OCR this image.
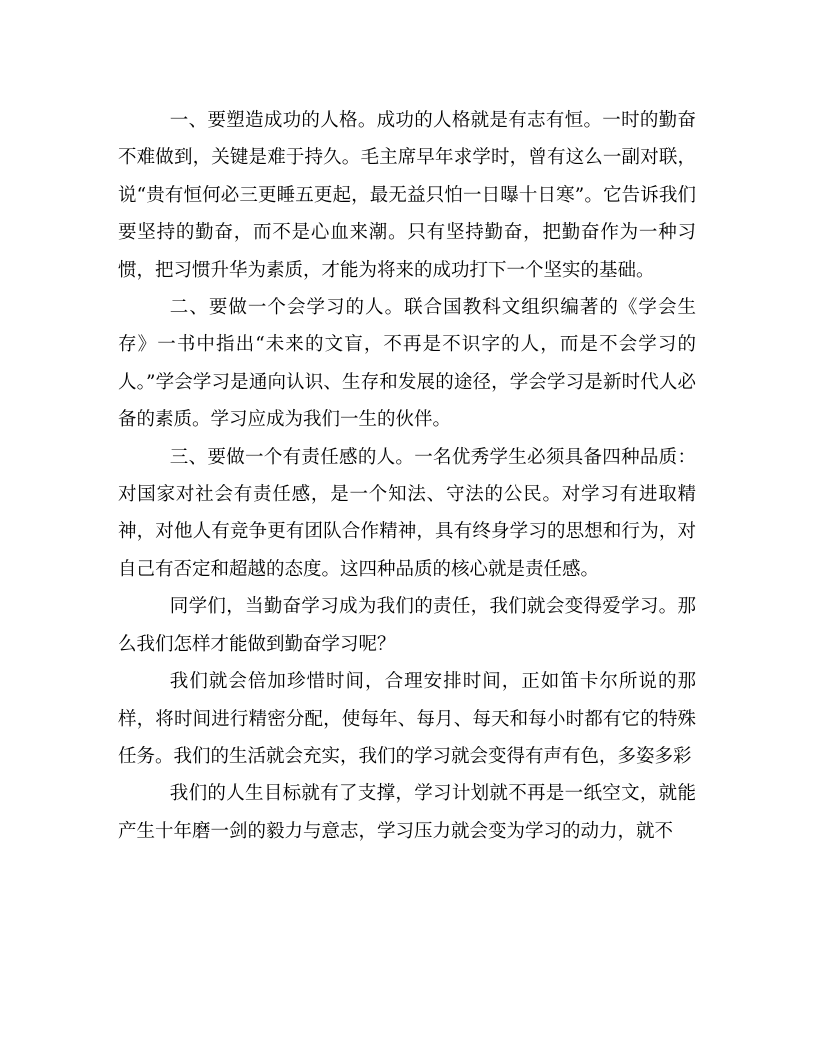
一、要塑造成功的人格。成功的人格就是有志有恒。一时的勤奋不难做到，关键是难于持久。毛主席早年求学时，曾有这么一副对联，说“贵有恒何必三更睡五更起，最无益只怕一日曝十日寒”。它告诉我们要坚持的勤奋，而不是心血来潮。只有坚持勤奋，把勤奋作为一种习惯，把习惯升华为素质，才能为将来的成功打下一个坚实的基础。

二、要做一个会学习的人。联合国教科文组织编著的《学会生存》一书中指出“未来的文盲，不再是不识字的人，而是不会学习的人。”学会学习是通向认识、生存和发展的途径，学会学习是新时代人必备的素质。学习应成为我们一生的伙伴。

三、要做一个有责任感的人。一名优秀学生必须具备四种品质：对国家对社会有责任感，是一个知法、守法的公民。对学习有进取精神，对他人有竞争更有团队合作精神，具有终身学习的思想和行为，对自己有否定和超越的态度。这四种品质的核心就是责任感。

同学们，当勤奋学习成为我们的责任，我们就会变得爱学习。那么我们怎样才能做到勤奋学习呢？

我们就会倍加珍惜时间，合理安排时间，正如笛卡尔所说的那样，将时间进行精密分配，使每年、每月、每天和每小时都有它的特殊任务。我们的生活就会充实，我们的学习就会变得有声有色，多姿多彩

我们的人生目标就有了支撑，学习计划就不再是一纸空文，就能产生十年磨一剑的毅力与意志，学习压力就会变为学习的动力，就不
